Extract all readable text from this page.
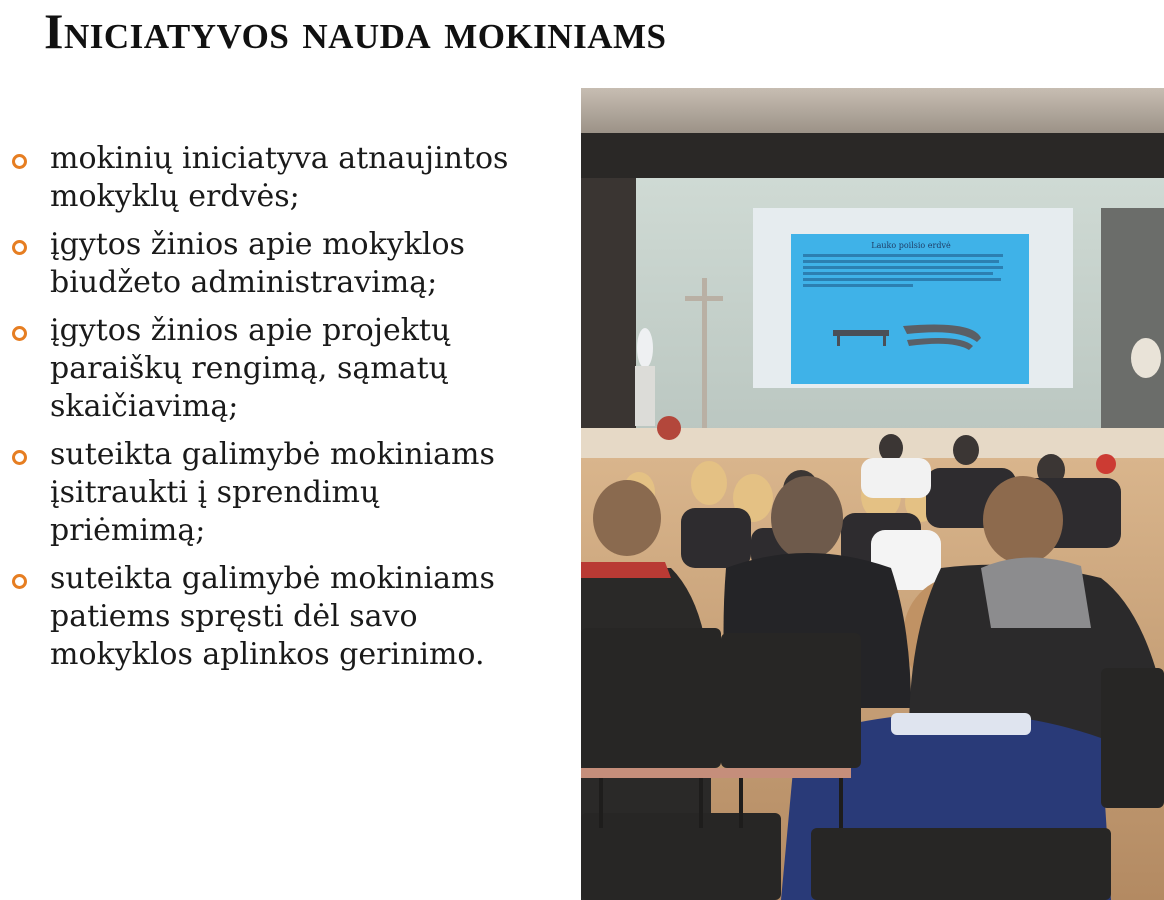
Iniciatyvos nauda mokiniams
mokinių iniciatyva atnaujintos
mokyklų erdvės;
įgytos žinios apie mokyklos
biudžeto administravimą;
įgytos žinios apie projektų
paraiškų rengimą, sąmatų
skaičiavimą;
suteikta galimybė mokiniams
įsitraukti į sprendimų
priėmimą;
suteikta galimybė mokiniams
patiems spręsti dėl savo
mokyklos aplinkos gerinimo.
Lauko poilsio erdvė
